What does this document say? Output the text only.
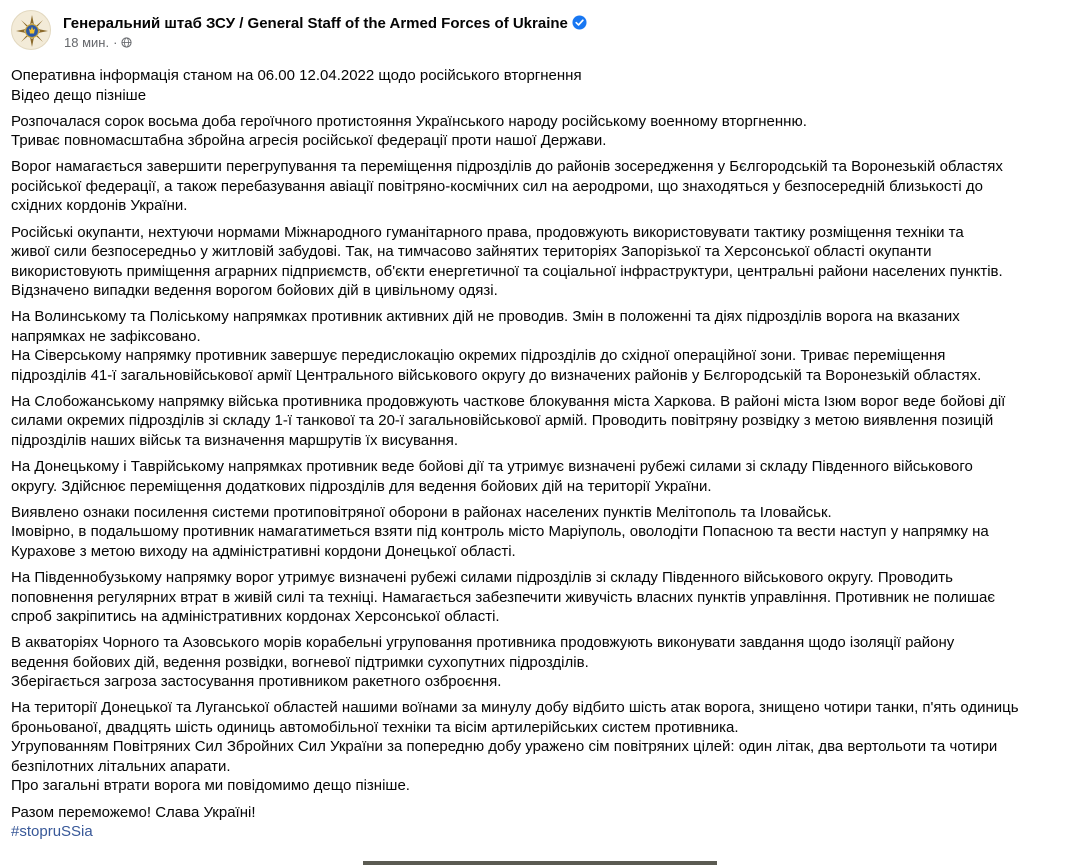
Генеральний штаб ЗСУ / General Staff of the Armed Forces of Ukraine
18 мин. ·
Оперативна інформація станом на 06.00 12.04.2022 щодо російського вторгнення
Відео дещо пізніше
Розпочалася сорок восьма доба героїчного протистояння Українського народу російському военному вторгненню.
Триває повномасштабна збройна агресія російської федерації проти нашої Держави.
Ворог намагається завершити перегрупування та переміщення підрозділів до районів зосередження у Бєлгородській та Воронезькій областях
російської федерації, а також перебазування авіації повітряно-космічних сил на аеродроми, що знаходяться у безпосередній близькості до
східних кордонів України.
Російські окупанти, нехтуючи нормами Міжнародного гуманітарного права, продовжують використовувати тактику розміщення техніки та
живої сили безпосередньо у житловій забудові. Так, на тимчасово зайнятих територіях Запорізької та Херсонської області окупанти
використовують приміщення аграрних підприємств, об'єкти енергетичної та соціальної інфраструктури, центральні райони населених пунктів.
Відзначено випадки ведення ворогом бойових дій в цивільному одязі.
На Волинському та Поліському напрямках противник активних дій не проводив. Змін в положенні та діях підрозділів ворога на вказаних
напрямках не зафіксовано.
На Сіверському напрямку противник завершує передислокацію окремих підрозділів до східної операційної зони. Триває переміщення
підрозділів 41-ї загальновійськової армії Центрального військового округу до визначених районів у Бєлгородській та Воронезькій областях.
На Слобожанському напрямку війська противника продовжують часткове блокування міста Харкова. В районі міста Ізюм ворог веде бойові дії
силами окремих підрозділів зі складу 1-ї танкової та 20-ї загальновійськової армій. Проводить повітряну розвідку з метою виявлення позицій
підрозділів наших військ та визначення маршрутів їх висування.
На Донецькому і Таврійському напрямках противник веде бойові дії та утримує визначені рубежі силами зі складу Південного військового
округу. Здійснює переміщення додаткових підрозділів для ведення бойових дій на території України.
Виявлено ознаки посилення системи протиповітряної оборони в районах населених пунктів Мелітополь та Іловайськ.
Імовірно, в подальшому противник намагатиметься взяти під контроль місто Маріуполь, оволодіти Попасною та вести наступ у напрямку на
Курахове з метою виходу на адміністративні кордони Донецької області.
На Південнобузькому напрямку ворог утримує визначені рубежі силами підрозділів зі складу Південного військового округу. Проводить
поповнення регулярних втрат в живій силі та техніці. Намагається забезпечити живучість власних пунктів управління. Противник не полишає
спроб закріпитись на адміністративних кордонах Херсонської області.
В акваторіях Чорного та Азовського морів корабельні угруповання противника продовжують виконувати завдання щодо ізоляції району
ведення бойових дій, ведення розвідки, вогневої підтримки сухопутних підрозділів.
Зберігається загроза застосування противником ракетного озброєння.
На території Донецької та Луганської областей нашими воїнами за минулу добу відбито шість атак ворога, знищено чотири танки, п'ять одиниць
броньованої, двадцять шість одиниць автомобільної техніки та вісім артилерійських систем противника.
Угрупованням Повітряних Сил Збройних Сил України за попередню добу уражено сім повітряних цілей: один літак, два вертольоти та чотири
безпілотних літальних апарати.
Про загальні втрати ворога ми повідомимо дещо пізніше.
Разом переможемо! Слава Україні!
#stopruSSia
